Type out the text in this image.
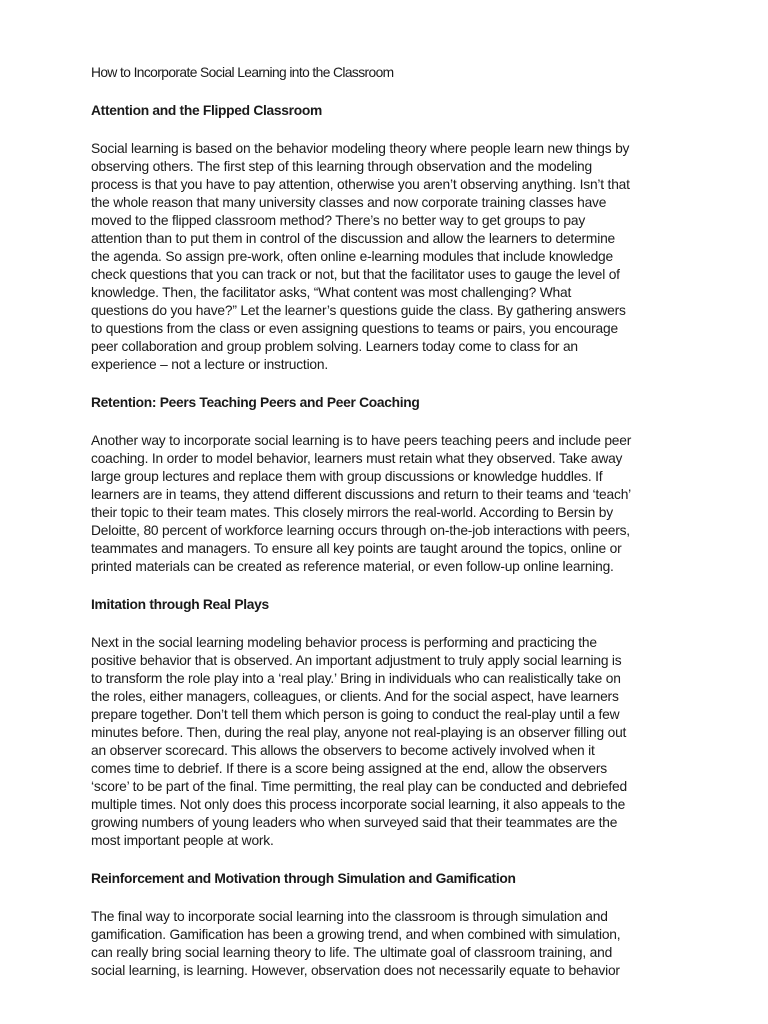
How to Incorporate Social Learning into the Classroom
Attention and the Flipped Classroom

Social learning is based on the behavior modeling theory where people learn new things by
observing others. The first step of this learning through observation and the modeling
process is that you have to pay attention, otherwise you aren’t observing anything. Isn’t that
the whole reason that many university classes and now corporate training classes have
moved to the flipped classroom method? There’s no better way to get groups to pay
attention than to put them in control of the discussion and allow the learners to determine
the agenda. So assign pre-work, often online e-learning modules that include knowledge
check questions that you can track or not, but that the facilitator uses to gauge the level of
knowledge. Then, the facilitator asks, “What content was most challenging? What
questions do you have?” Let the learner’s questions guide the class. By gathering answers
to questions from the class or even assigning questions to teams or pairs, you encourage
peer collaboration and group problem solving. Learners today come to class for an
experience – not a lecture or instruction.

Retention: Peers Teaching Peers and Peer Coaching

Another way to incorporate social learning is to have peers teaching peers and include peer
coaching. In order to model behavior, learners must retain what they observed. Take away
large group lectures and replace them with group discussions or knowledge huddles. If
learners are in teams, they attend different discussions and return to their teams and ‘teach’
their topic to their team mates. This closely mirrors the real-world. According to Bersin by
Deloitte, 80 percent of workforce learning occurs through on-the-job interactions with peers,
teammates and managers. To ensure all key points are taught around the topics, online or
printed materials can be created as reference material, or even follow-up online learning.

Imitation through Real Plays

Next in the social learning modeling behavior process is performing and practicing the
positive behavior that is observed. An important adjustment to truly apply social learning is
to transform the role play into a ‘real play.’ Bring in individuals who can realistically take on
the roles, either managers, colleagues, or clients. And for the social aspect, have learners
prepare together. Don’t tell them which person is going to conduct the real-play until a few
minutes before. Then, during the real play, anyone not real-playing is an observer filling out
an observer scorecard. This allows the observers to become actively involved when it
comes time to debrief. If there is a score being assigned at the end, allow the observers
‘score’ to be part of the final. Time permitting, the real play can be conducted and debriefed
multiple times. Not only does this process incorporate social learning, it also appeals to the
growing numbers of young leaders who when surveyed said that their teammates are the
most important people at work.

Reinforcement and Motivation through Simulation and Gamification

The final way to incorporate social learning into the classroom is through simulation and
gamification. Gamification has been a growing trend, and when combined with simulation,
can really bring social learning theory to life. The ultimate goal of classroom training, and
social learning, is learning. However, observation does not necessarily equate to behavior
